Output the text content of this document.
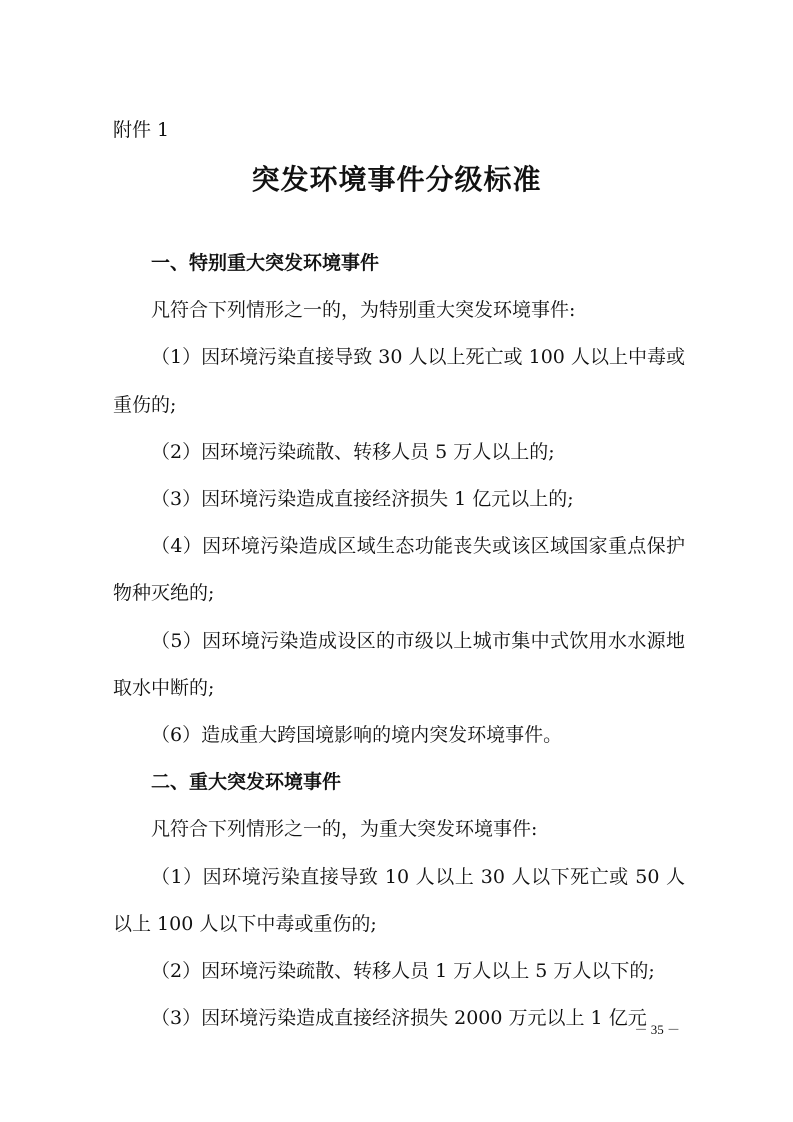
附件 1
突发环境事件分级标准

一、特别重大突发环境事件

凡符合下列情形之一的，为特别重大突发环境事件:

（1）因环境污染直接导致 30 人以上死亡或 100 人以上中毒或重伤的;

（2）因环境污染疏散、转移人员 5 万人以上的;

（3）因环境污染造成直接经济损失 1 亿元以上的;

（4）因环境污染造成区域生态功能丧失或该区域国家重点保护物种灭绝的;

（5）因环境污染造成设区的市级以上城市集中式饮用水水源地取水中断的;

（6）造成重大跨国境影响的境内突发环境事件。

二、重大突发环境事件

凡符合下列情形之一的，为重大突发环境事件:

（1）因环境污染直接导致 10 人以上 30 人以下死亡或 50 人以上 100 人以下中毒或重伤的;

（2）因环境污染疏散、转移人员 1 万人以上 5 万人以下的;

（3）因环境污染造成直接经济损失 2000 万元以上 1 亿元

－ 35 －
